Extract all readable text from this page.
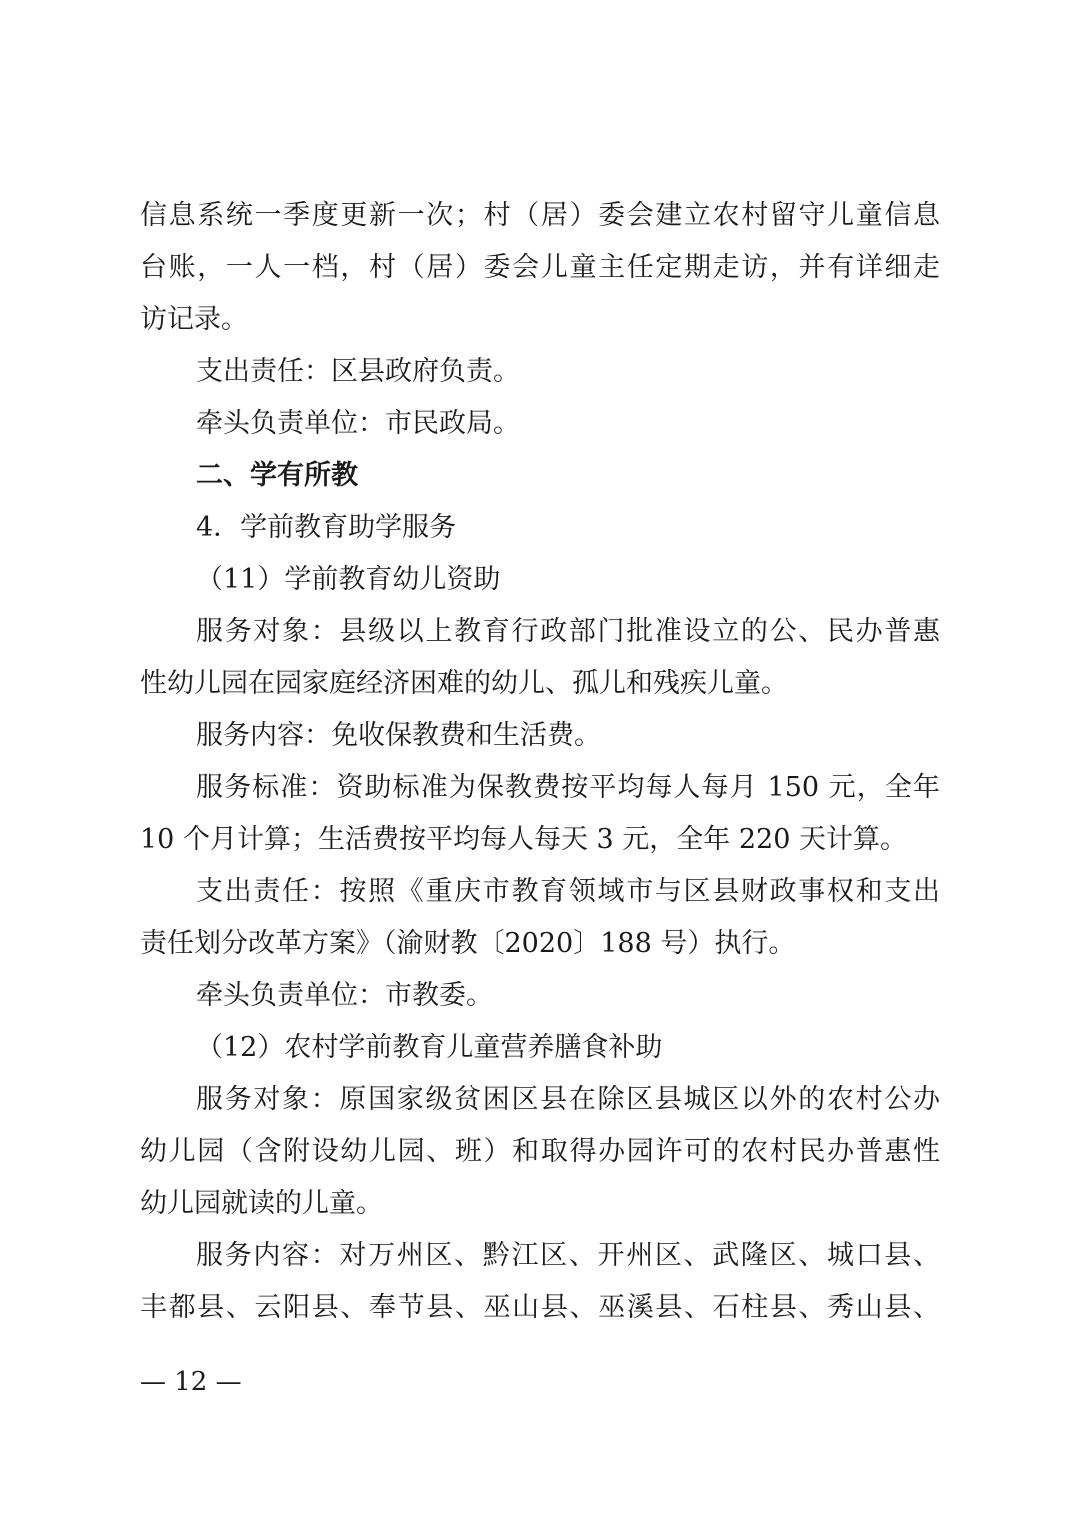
信息系统一季度更新一次；村（居）委会建立农村留守儿童信息
台账，一人一档，村（居）委会儿童主任定期走访，并有详细走
访记录。
支出责任：区县政府负责。
牵头负责单位：市民政局。
二、学有所教
4．学前教育助学服务
（11）学前教育幼儿资助
服务对象：县级以上教育行政部门批准设立的公、民办普惠
性幼儿园在园家庭经济困难的幼儿、孤儿和残疾儿童。
服务内容：免收保教费和生活费。
服务标准：资助标准为保教费按平均每人每月 150 元，全年
10 个月计算；生活费按平均每人每天 3 元，全年 220 天计算。
支出责任：按照《重庆市教育领域市与区县财政事权和支出
责任划分改革方案》（渝财教〔2020〕188 号）执行。
牵头负责单位：市教委。
（12）农村学前教育儿童营养膳食补助
服务对象：原国家级贫困区县在除区县城区以外的农村公办
幼儿园（含附设幼儿园、班）和取得办园许可的农村民办普惠性
幼儿园就读的儿童。
服务内容：对万州区、黔江区、开州区、武隆区、城口县、
丰都县、云阳县、奉节县、巫山县、巫溪县、石柱县、秀山县、
— 12 —
